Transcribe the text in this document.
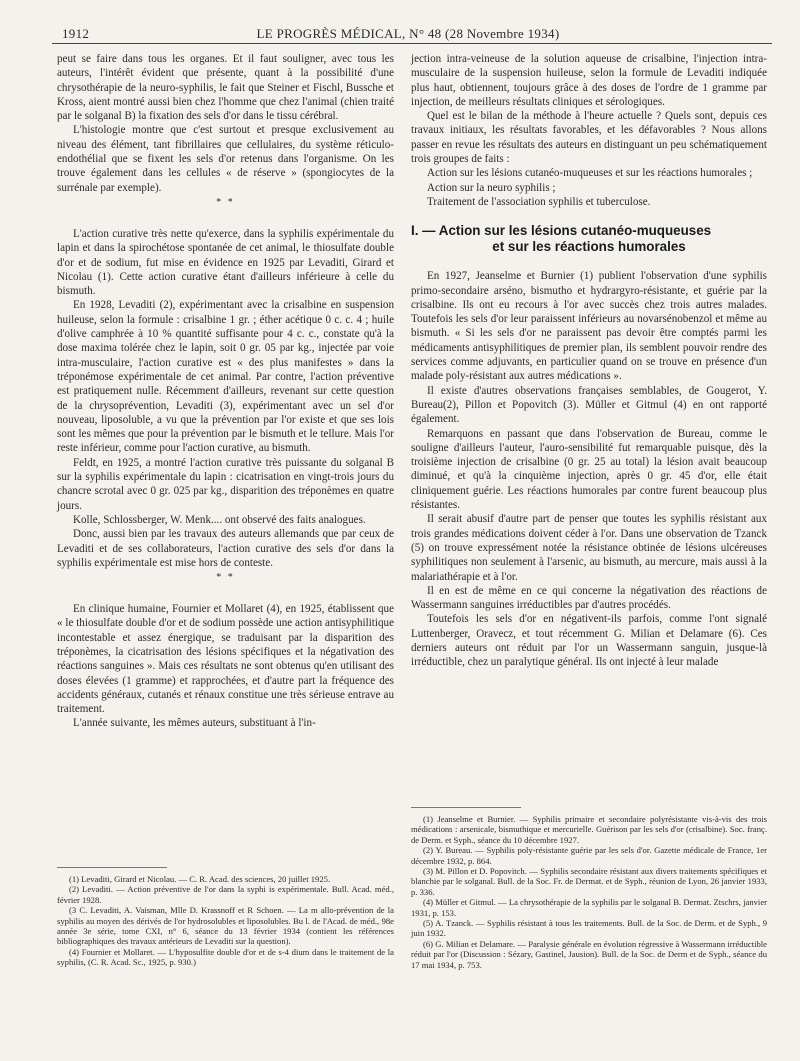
1912	LE PROGRÈS MÉDICAL, N° 48 (28 Novembre 1934)

peut se faire dans tous les organes. Et il faut souligner, avec tous les auteurs, l'intérêt évident que présente, quant à la possibilité d'une chrysothérapie de la neuro-syphilis, le fait que Steiner et Fischl, Bussche et Kross, aient montré aussi bien chez l'homme que chez l'animal (chien traité par le solganal B) la fixation des sels d'or dans le tissu cérébral.

L'histologie montre que c'est surtout et presque exclusivement au niveau des élément, tant fibrillaires que cellulaires, du système réticulo-endothélial que se fixent les sels d'or retenus dans l'organisme. On les trouve également dans les cellules « de réserve » (spongiocytes de la surrénale par exemple).

* *

L'action curative très nette qu'exerce, dans la syphilis expérimentale du lapin et dans la spirochétose spontanée de cet animal, le thiosulfate double d'or et de sodium, fut mise en évidence en 1925 par Levaditi, Girard et Nicolau (1). Cette action curative étant d'ailleurs inférieure à celle du bismuth.

En 1928, Levaditi (2), expérimentant avec la crisalbine en suspension huileuse, selon la formule : crisalbine 1 gr. ; éther acétique 0 c. c. 4 ; huile d'olive camphrée à 10 % quantité suffisante pour 4 c. c., constate qu'à la dose maxima tolérée chez le lapin, soit 0 gr. 05 par kg., injectée par voie intra-musculaire, l'action curative est « des plus manifestes » dans la tréponémose expérimentale de cet animal. Par contre, l'action préventive est pratiquement nulle. Récemment d'ailleurs, revenant sur cette question de la chrysoprévention, Levaditi (3), expérimentant avec un sel d'or nouveau, liposoluble, a vu que la prévention par l'or existe et que ses lois sont les mêmes que pour la prévention par le bismuth et le tellure. Mais l'or reste inférieur, comme pour l'action curative, au bismuth.

Feldt, en 1925, a montré l'action curative très puissante du solganal B sur la syphilis expérimentale du lapin : cicatrisation en vingt-trois jours du chancre scrotal avec 0 gr. 025 par kg., disparition des tréponèmes en quatre jours.

Kolle, Schlossberger, W. Menk.... ont observé des faits analogues.

Donc, aussi bien par les travaux des auteurs allemands que par ceux de Levaditi et de ses collaborateurs, l'action curative des sels d'or dans la syphilis expérimentale est mise hors de conteste.

* *

En clinique humaine, Fournier et Mollaret (4), en 1925, établissent que « le thiosulfate double d'or et de sodium possède une action antisyphilitique incontestable et assez énergique, se traduisant par la disparition des tréponèmes, la cicatrisation des lésions spécifiques et la négativation des réactions sanguines ». Mais ces résultats ne sont obtenus qu'en utilisant des doses élevées (1 gramme) et rapprochées, et d'autre part la fréquence des accidents généraux, cutanés et rénaux constitue une très sérieuse entrave au traitement.

L'année suivante, les mêmes auteurs, substituant à l'in-

(1) Levaditi, Girard et Nicolau. — C. R. Acad. des sciences, 20 juillet 1925.
(2) Levaditi. — Action préventive de l'or dans la syphi is expérimentale. Bull. Acad. méd., février 1928.
(3 C. Levaditi, A. Vaisman, Mlle D. Krassnoff et R Schoen. — La m allo-prévention de la syphilis au moyen des dérivés de l'or hydrosolubles et liposolubles. Bu l. de l'Acad. de méd., 98e année 3e série, tome CXI, n° 6, séance du 13 février 1934 (contient les références bibliographiques des travaux antérieurs de Levaditi sur la question).
(4) Fournier et Mollaret. — L'hyposulfite double d'or et de s-4 dium dans le traitement de la syphilis, (C. R. Acad. Sc., 1925, p. 930.)

jection intra-veineuse de la solution aqueuse de crisalbine, l'injection intra-musculaire de la suspension huileuse, selon la formule de Levaditi indiquée plus haut, obtiennent, toujours grâce à des doses de l'ordre de 1 gramme par injection, de meilleurs résultats cliniques et sérologiques.

Quel est le bilan de la méthode à l'heure actuelle ? Quels sont, depuis ces travaux initiaux, les résultats favorables, et les défavorables ? Nous allons passer en revue les résultats des auteurs en distinguant un peu schématiquement trois groupes de faits :

Action sur les lésions cutanéo-muqueuses et sur les réactions humorales ;

Action sur la neuro syphilis ;

Traitement de l'association syphilis et tuberculose.

I. — Action sur les lésions cutanéo-muqueuses
et sur les réactions humorales

En 1927, Jeanselme et Burnier (1) publient l'observation d'une syphilis primo-secondaire arséno, bismutho et hydrargyro-résistante, et guérie par la crisalbine. Ils ont eu recours à l'or avec succès chez trois autres malades. Toutefois les sels d'or leur paraissent inférieurs au novarsénobenzol et même au bismuth. « Si les sels d'or ne paraissent pas devoir être comptés parmi les médicaments antisyphilitiques de premier plan, ils semblent pouvoir rendre des services comme adjuvants, en particulier quand on se trouve en présence d'un malade poly-résistant aux autres médications ».

Il existe d'autres observations françaises semblables, de Gougerot, Y. Bureau(2), Pillon et Popovitch (3). Müller et Gitmul (4) en ont rapporté également.

Remarquons en passant que dans l'observation de Bureau, comme le souligne d'ailleurs l'auteur, l'auro-sensibilité fut remarquable puisque, dès la troisième injection de crisalbine (0 gr. 25 au total) la lésion avait beaucoup diminué, et qu'à la cinquième injection, après 0 gr. 45 d'or, elle était cliniquement guérie. Les réactions humorales par contre furent beaucoup plus résistantes.

Il serait abusif d'autre part de penser que toutes les syphilis résistant aux trois grandes médications doivent céder à l'or. Dans une observation de Tzanck (5) on trouve expressément notée la résistance obtinée de lésions ulcéreuses syphilitiques non seulement à l'arsenic, au bismuth, au mercure, mais aussi à la malariathérapie et à l'or.

Il en est de même en ce qui concerne la négativation des réactions de Wassermann sanguines irréductibles par d'autres procédés.

Toutefois les sels d'or en négativent-ils parfois, comme l'ont signalé Luttenberger, Oravecz, et tout récemment G. Milian et Delamare (6). Ces derniers auteurs ont réduit par l'or un Wassermann sanguin, jusque-là irréductible, chez un paralytique général. Ils ont injecté à leur malade

(1) Jeanselme et Burnier. — Syphilis primaire et secondaire polyrésistante vis-à-vis des trois médications : arsenicale, bismuthique et mercurielle. Guérison par les sels d'or (crisalbine). Soc. franç. de Derm. et Syph., séance du 10 décembre 1927.
(2) Y. Bureau. — Syphilis poly-résistante guérie par les sels d'or. Gazette médicale de France, 1er décembre 1932, p. 864.
(3) M. Pillon et D. Popovitch. — Syphilis secondaire résistant aux divers traitements spécifiques et blanchie par le solganal. Bull. de la Soc. Fr. de Dermat. et de Syph., réunion de Lyon, 26 janvier 1933, p. 336.
(4) Müller et Gitmul. — La chrysothérapie de la syphilis par le solganal B. Dermat. Ztschrs, janvier 1931, p. 153.
(5) A. Tzanck. — Syphilis résistant à tous les traitements. Bull. de la Soc. de Derm. et de Syph., 9 juin 1932.
(6) G. Milian et Delamare. — Paralysie générale en évolution régressive à Wassermann irréductible réduit par l'or (Discussion : Sézary, Gastinel, Jausion). Bull. de la Soc. de Derm et de Syph., séance du 17 mai 1934, p. 753.
